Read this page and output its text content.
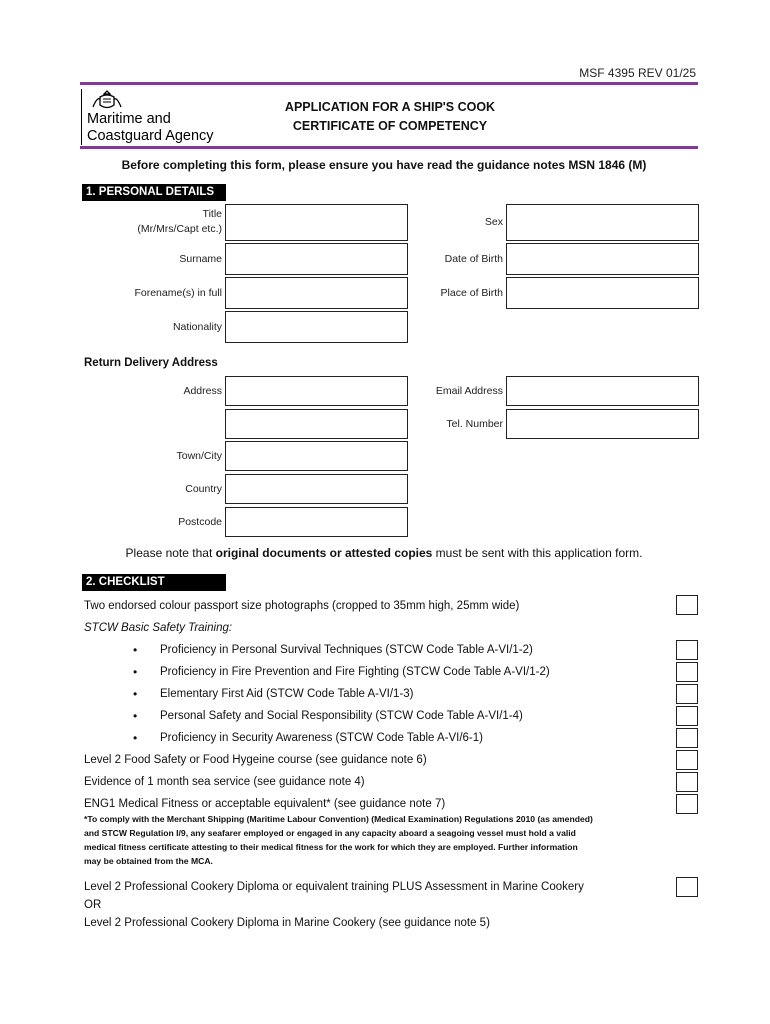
MSF 4395 REV 01/25
Maritime and
Coastguard Agency
APPLICATION FOR A SHIP'S COOK
CERTIFICATE OF COMPETENCY
Before completing this form, please ensure you have read the guidance notes MSN 1846 (M)
1. PERSONAL DETAILS
Title
(Mr/Mrs/Capt etc.)
Surname
Forename(s) in full
Nationality
Sex
Date of Birth
Place of Birth
Return Delivery Address
Address
Town/City
Country
Postcode
Email Address
Tel. Number
Please note that original documents or attested copies must be sent with this application form.
2. CHECKLIST
Two endorsed colour passport size photographs (cropped to 35mm high, 25mm wide)
STCW Basic Safety Training:
• Proficiency in Personal Survival Techniques (STCW Code Table A-VI/1-2)
• Proficiency in Fire Prevention and Fire Fighting (STCW Code Table A-VI/1-2)
• Elementary First Aid (STCW Code Table A-VI/1-3)
• Personal Safety and Social Responsibility (STCW Code Table A-VI/1-4)
• Proficiency in Security Awareness (STCW Code Table A-VI/6-1)
Level 2 Food Safety or Food Hygeine course (see guidance note 6)
Evidence of 1 month sea service (see guidance note 4)
ENG1 Medical Fitness or acceptable equivalent* (see guidance note 7)
*To comply with the Merchant Shipping (Maritime Labour Convention) (Medical Examination) Regulations 2010 (as amended)
and STCW Regulation I/9, any seafarer employed or engaged in any capacity aboard a seagoing vessel must hold a valid
medical fitness certificate attesting to their medical fitness for the work for which they are employed. Further information
may be obtained from the MCA.
Level 2 Professional Cookery Diploma or equivalent training PLUS Assessment in Marine Cookery
OR
Level 2 Professional Cookery Diploma in Marine Cookery (see guidance note 5)
